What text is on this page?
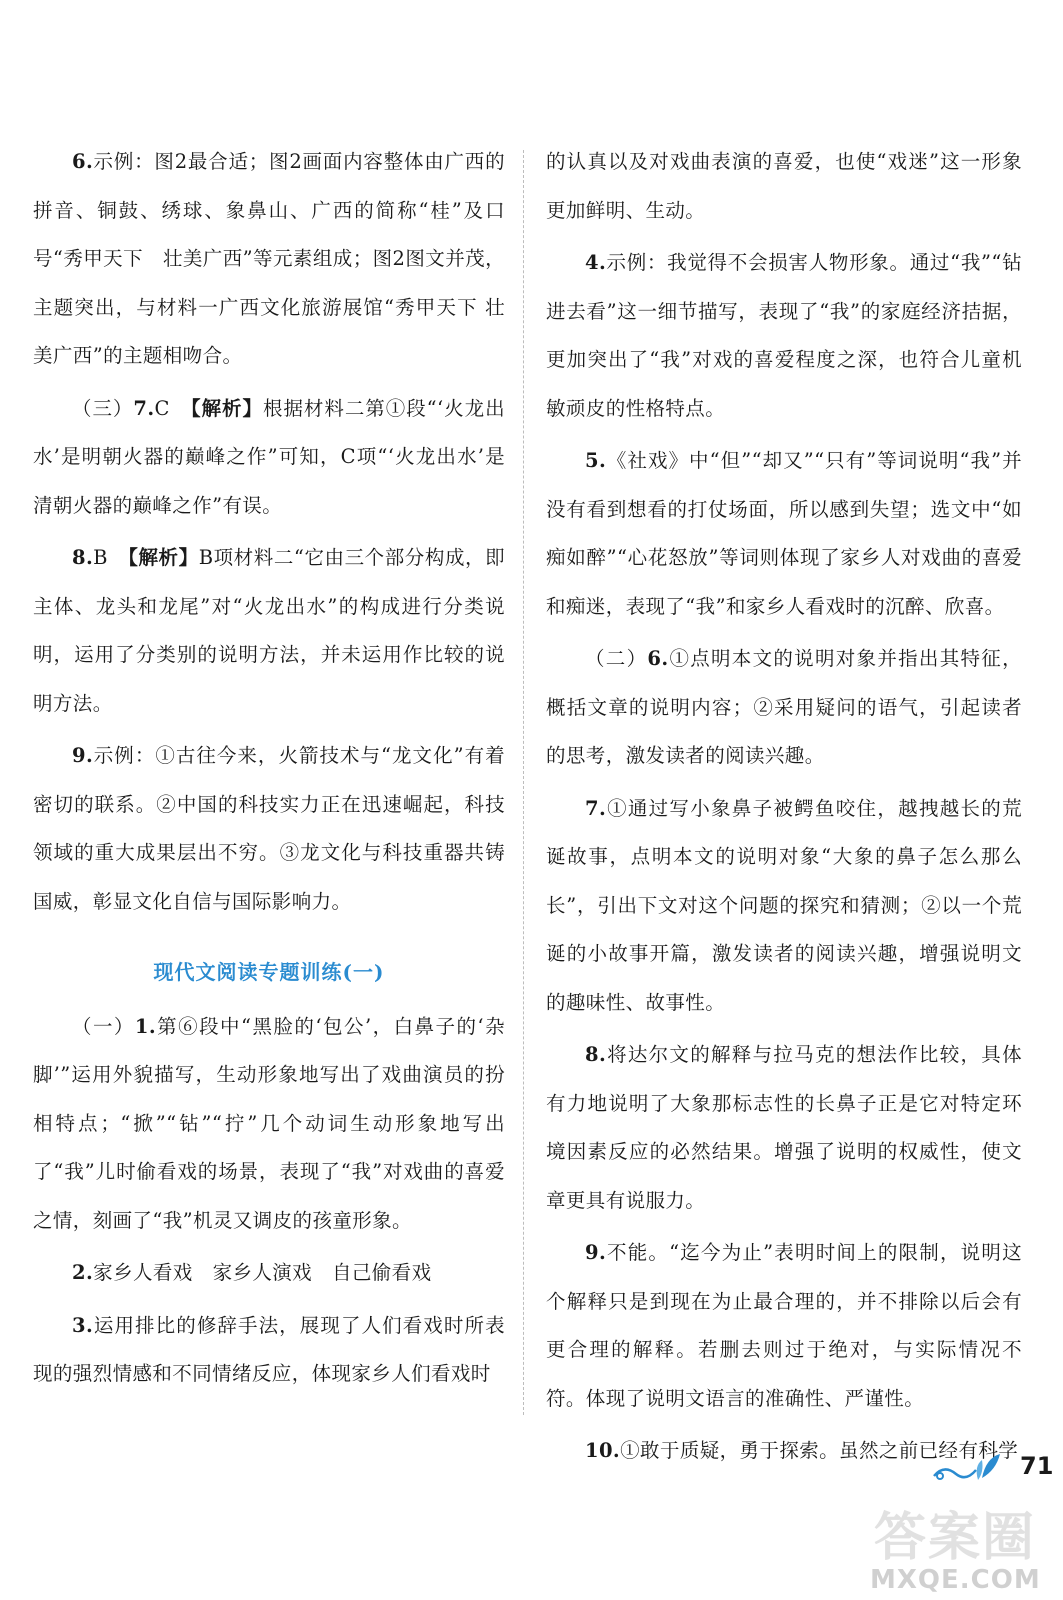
6.示例：图2最合适；图2画面内容整体由广西的拼音、铜鼓、绣球、象鼻山、广西的简称“桂”及口号“秀甲天下　壮美广西”等元素组成；图2图文并茂，主题突出，与材料一广西文化旅游展馆“秀甲天下 壮美广西”的主题相吻合。

（三）7.C　 【解析】根据材料二第①段“‘火龙出水’是明朝火器的巅峰之作”可知，C项“‘火龙出水’是清朝火器的巅峰之作”有误。

8.B　 【解析】B项材料二“它由三个部分构成，即主体、龙头和龙尾”对“火龙出水”的构成进行分类说明，运用了分类别的说明方法，并未运用作比较的说明方法。

9.示例：①古往今来，火箭技术与“龙文化”有着密切的联系。②中国的科技实力正在迅速崛起，科技领域的重大成果层出不穷。③龙文化与科技重器共铸国威，彰显文化自信与国际影响力。

现代文阅读专题训练(一)

（一）1.第⑥段中“黑脸的‘包公’，白鼻子的‘杂脚’”运用外貌描写，生动形象地写出了戏曲演员的扮相特点；“掀”“钻”“拧”几个动词生动形象地写出了“我”儿时偷看戏的场景，表现了“我”对戏曲的喜爱之情，刻画了“我”机灵又调皮的孩童形象。

2.家乡人看戏　家乡人演戏　自己偷看戏

3.运用排比的修辞手法，展现了人们看戏时所表现的强烈情感和不同情绪反应，体现家乡人们看戏时

的认真以及对戏曲表演的喜爱，也使“戏迷”这一形象更加鲜明、生动。

4.示例：我觉得不会损害人物形象。通过“我”“钻进去看”这一细节描写，表现了“我”的家庭经济拮据，更加突出了“我”对戏的喜爱程度之深，也符合儿童机敏顽皮的性格特点。

5.《社戏》中“但”“却又”“只有”等词说明“我”并没有看到想看的打仗场面，所以感到失望；选文中“如痴如醉”“心花怒放”等词则体现了家乡人对戏曲的喜爱和痴迷，表现了“我”和家乡人看戏时的沉醉、欣喜。

（二）6.①点明本文的说明对象并指出其特征，概括文章的说明内容；②采用疑问的语气，引起读者的思考，激发读者的阅读兴趣。

7.①通过写小象鼻子被鳄鱼咬住，越拽越长的荒诞故事，点明本文的说明对象“大象的鼻子怎么那么长”，引出下文对这个问题的探究和猜测；②以一个荒诞的小故事开篇，激发读者的阅读兴趣，增强说明文的趣味性、故事性。

8.将达尔文的解释与拉马克的想法作比较，具体有力地说明了大象那标志性的长鼻子正是它对特定环境因素反应的必然结果。增强了说明的权威性，使文章更具有说服力。

9.不能。“迄今为止”表明时间上的限制，说明这个解释只是到现在为止最合理的，并不排除以后会有更合理的解释。若删去则过于绝对，与实际情况不符。体现了说明文语言的准确性、严谨性。

10.①敢于质疑，勇于探索。虽然之前已经有科学

71
答案圈
MXQE.COM
